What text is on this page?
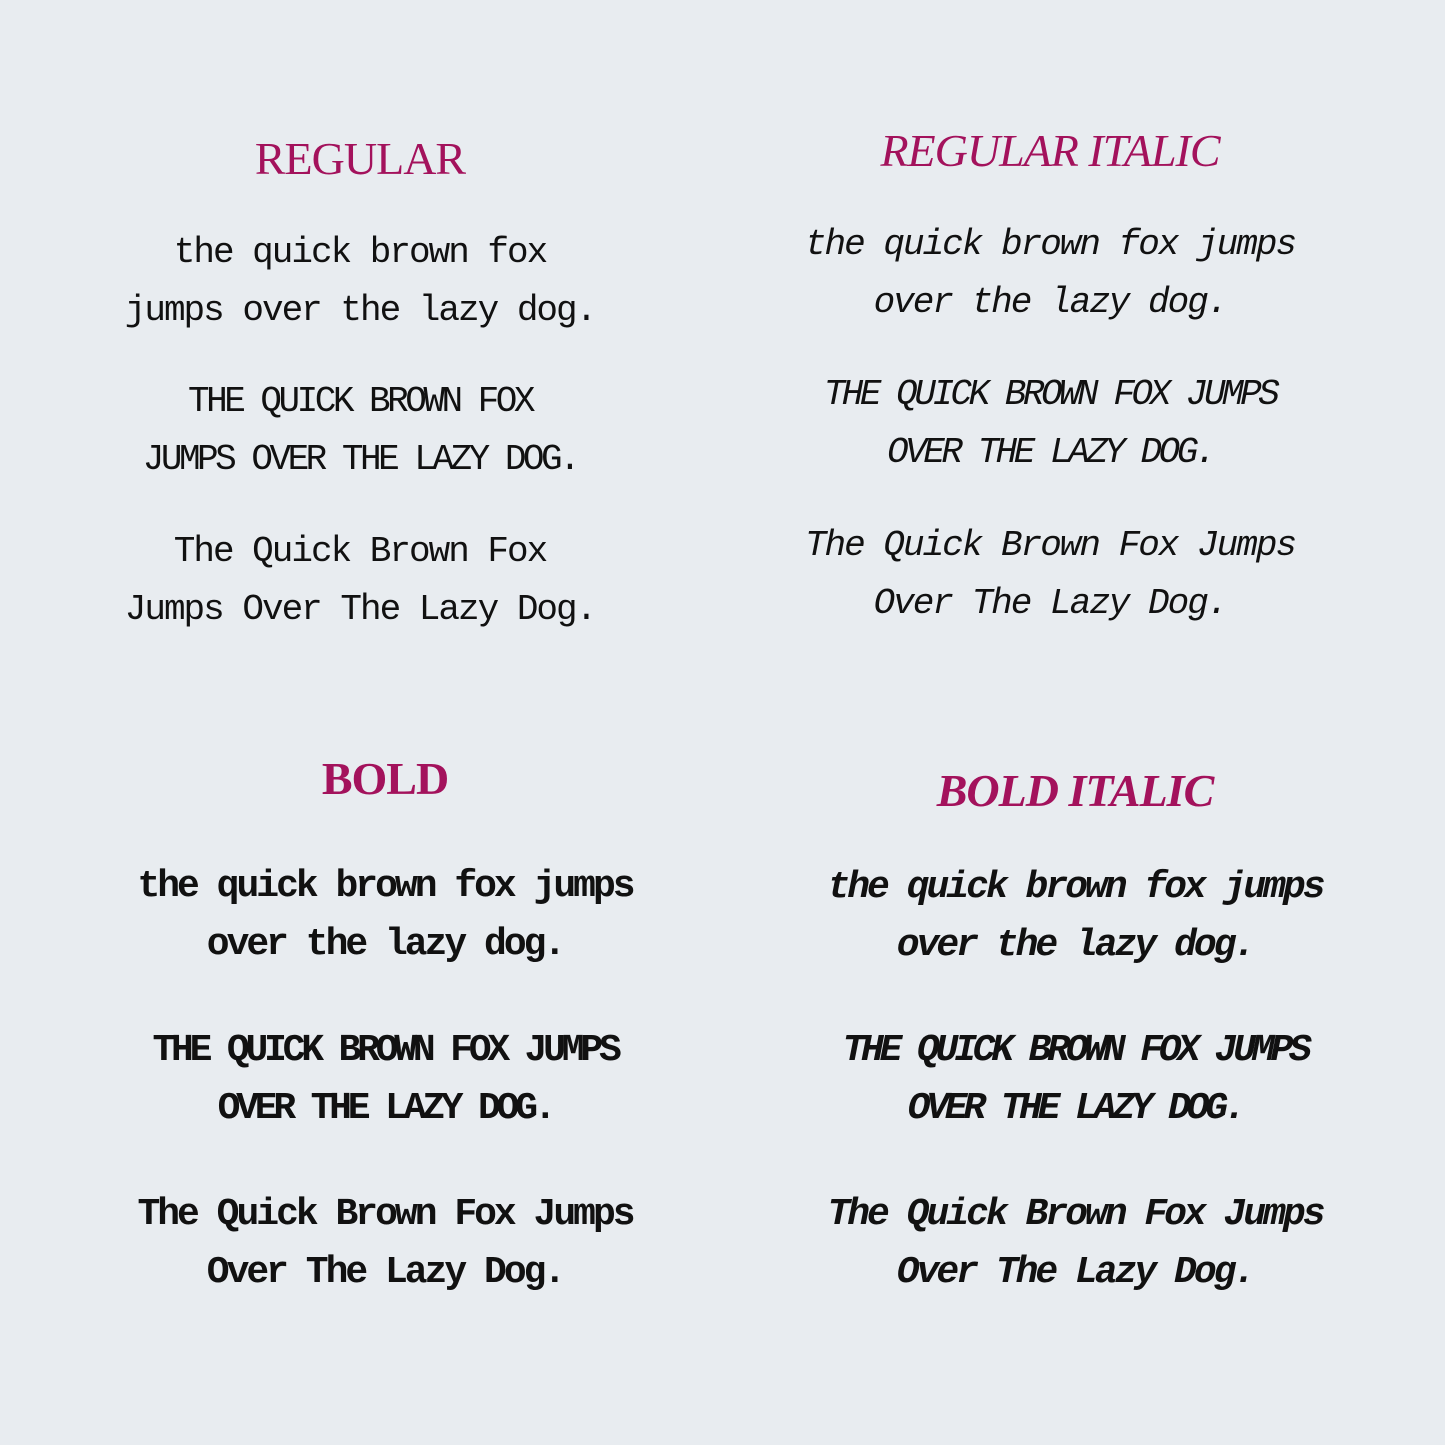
REGULAR

the quick brown fox
jumps over the lazy dog.

THE QUICK BROWN FOX
JUMPS OVER THE LAZY DOG.

The Quick Brown Fox
Jumps Over The Lazy Dog.

REGULAR ITALIC

the quick brown fox jumps
over the lazy dog.

THE QUICK BROWN FOX JUMPS
OVER THE LAZY DOG.

The Quick Brown Fox Jumps
Over The Lazy Dog.

BOLD

the quick brown fox jumps
over the lazy dog.

THE QUICK BROWN FOX JUMPS
OVER THE LAZY DOG.

The Quick Brown Fox Jumps
Over The Lazy Dog.

BOLD ITALIC

the quick brown fox jumps
over the lazy dog.

THE QUICK BROWN FOX JUMPS
OVER THE LAZY DOG.

The Quick Brown Fox Jumps
Over The Lazy Dog.
